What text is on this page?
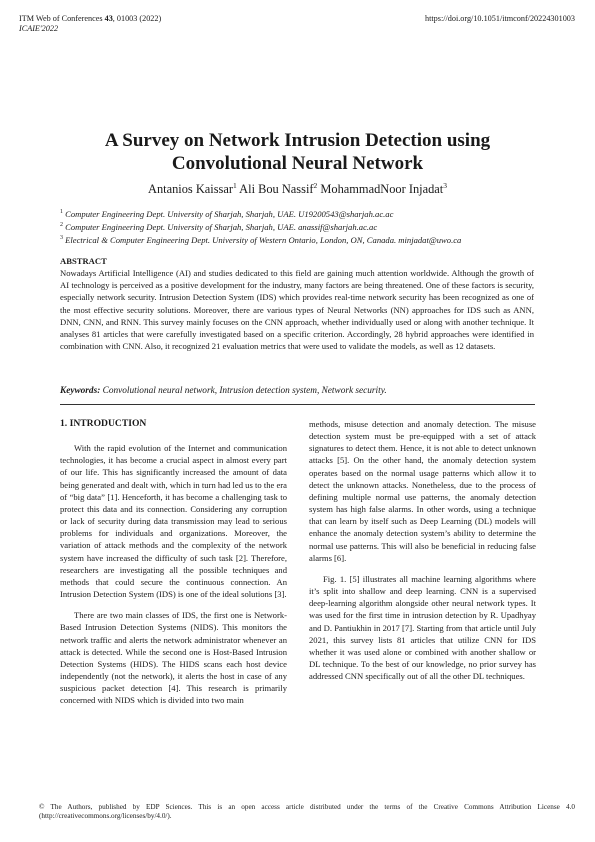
ITM Web of Conferences 43, 01003 (2022)
ICAIE'2022
https://doi.org/10.1051/itmconf/20224301003
A Survey on Network Intrusion Detection using
Convolutional Neural Network
Antanios Kaissar$^1$ Ali Bou Nassif$^2$ MohammadNoor Injadat$^3$
$^1$ Computer Engineering Dept. University of Sharjah, Sharjah, UAE. U19200543@sharjah.ac.ac
$^2$ Computer Engineering Dept. University of Sharjah, Sharjah, UAE. anassif@sharjah.ac.ac
$^3$ Electrical & Computer Engineering Dept. University of Western Ontario, London, ON, Canada. minjadat@uwo.ca
ABSTRACT

Nowadays Artificial Intelligence (AI) and studies dedicated to this field are gaining much attention worldwide. Although the growth of AI technology is perceived as a positive development for the industry, many factors are being threatened. One of these factors is security, especially network security. Intrusion Detection System (IDS) which provides real-time network security has been recognized as one of the most effective security solutions. Moreover, there are various types of Neural Networks (NN) approaches for IDS such as ANN, DNN, CNN, and RNN. This survey mainly focuses on the CNN approach, whether individually used or along with another technique. It analyses 81 articles that were carefully investigated based on a specific criterion. Accordingly, 28 hybrid approaches were identified in combination with CNN. Also, it recognized 21 evaluation metrics that were used to validate the models, as well as 12 datasets.

Keywords: Convolutional neural network, Intrusion detection system, Network security.
1. INTRODUCTION

With the rapid evolution of the Internet and communication technologies, it has become a crucial aspect in almost every part of our life. This has significantly increased the amount of data being generated and dealt with, which in turn had led us to the era of “big data” [1]. Henceforth, it has become a challenging task to protect this data and its connection. Considering any corruption or lack of security during data transmission may lead to serious problems for individuals and organizations. Moreover, the variation of attack methods and the complexity of the network system have increased the difficulty of such task [2]. Therefore, researchers are investigating all the possible techniques and methods that could secure the continuous connection. An Intrusion Detection System (IDS) is one of the ideal solutions [3].

There are two main classes of IDS, the first one is Network-Based Intrusion Detection Systems (NIDS). This monitors the network traffic and alerts the network administrator whenever an attack is detected. While the second one is Host-Based Intrusion Detection Systems (HIDS). The HIDS scans each host device independently (not the network), it alerts the host in case of any suspicious packet detection [4]. This research is primarily concerned with NIDS which is divided into two main

methods, misuse detection and anomaly detection. The misuse detection system must be pre-equipped with a set of attack signatures to detect them. Hence, it is not able to detect unknown attacks [5]. On the other hand, the anomaly detection system operates based on the normal usage patterns which allow it to detect the unknown attacks. Nonetheless, due to the process of defining multiple normal use patterns, the anomaly detection system has high false alarms. In other words, using a technique that can learn by itself such as Deep Learning (DL) models will enhance the anomaly detection system’s ability to determine the normal use patterns. This will also be beneficial in reducing false alarms [6].

Fig. 1. [5] illustrates all machine learning algorithms where it’s split into shallow and deep learning. CNN is a supervised deep-learning algorithm alongside other neural network types. It was used for the first time in intrusion detection by R. Upadhyay and D. Pantiukhin in 2017 [7]. Starting from that article until July 2021, this survey lists 81 articles that utilize CNN for IDS whether it was used alone or combined with another shallow or DL technique. To the best of our knowledge, no prior survey has addressed CNN specifically out of all the other DL techniques.

© The Authors, published by EDP Sciences. This is an open access article distributed under the terms of the Creative Commons Attribution License 4.0 (http://creativecommons.org/licenses/by/4.0/).
